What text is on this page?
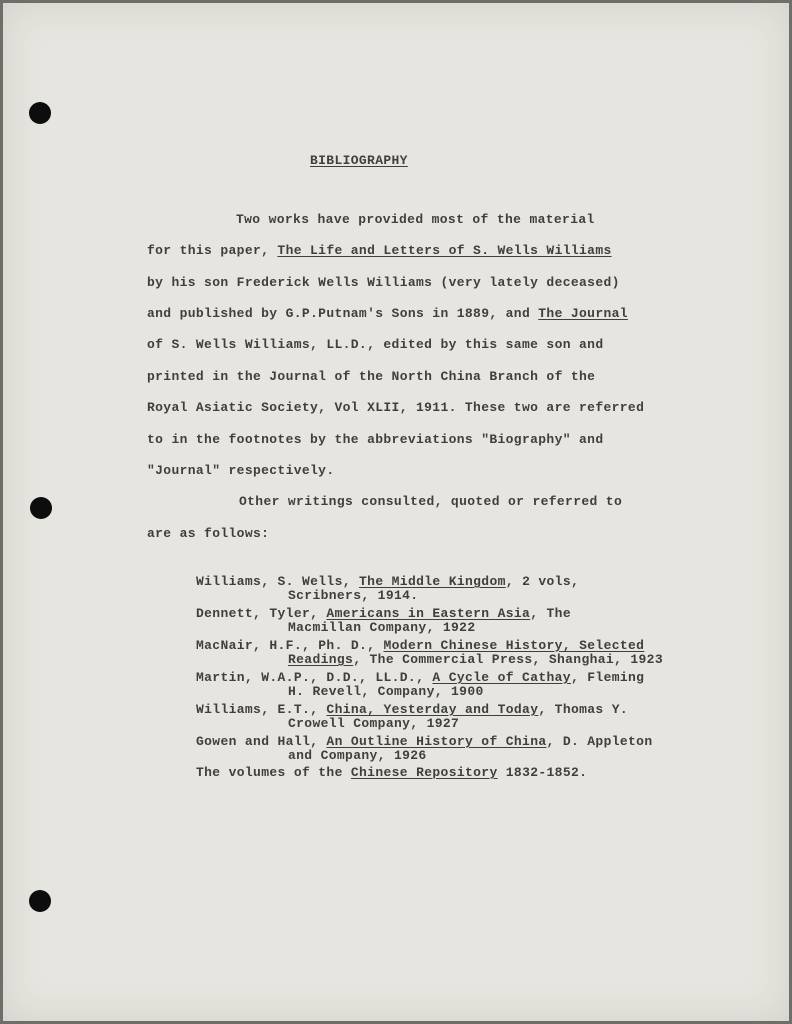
BIBLIOGRAPHY
Two works have provided most of the material
for this paper, The Life and Letters of S. Wells Williams
by his son Frederick Wells Williams (very lately deceased)
and published by G.P.Putnam's Sons in 1889, and The Journal
of S. Wells Williams, LL.D., edited by this same son and
printed in the Journal of the North China Branch of the
Royal Asiatic Society, Vol XLII, 1911. These two are referred
to in the footnotes by the abbreviations "Biography" and
"Journal" respectively.
Other writings consulted, quoted or referred to
are as follows:
Williams, S. Wells, The Middle Kingdom, 2 vols,
Scribners, 1914.
Dennett, Tyler, Americans in Eastern Asia, The
Macmillan Company, 1922
MacNair, H.F., Ph. D., Modern Chinese History, Selected
Readings, The Commercial Press, Shanghai, 1923
Martin, W.A.P., D.D., LL.D., A Cycle of Cathay, Fleming
H. Revell, Company, 1900
Williams, E.T., China, Yesterday and Today, Thomas Y.
Crowell Company, 1927
Gowen and Hall, An Outline History of China, D. Appleton
and Company, 1926
The volumes of the Chinese Repository 1832-1852.
